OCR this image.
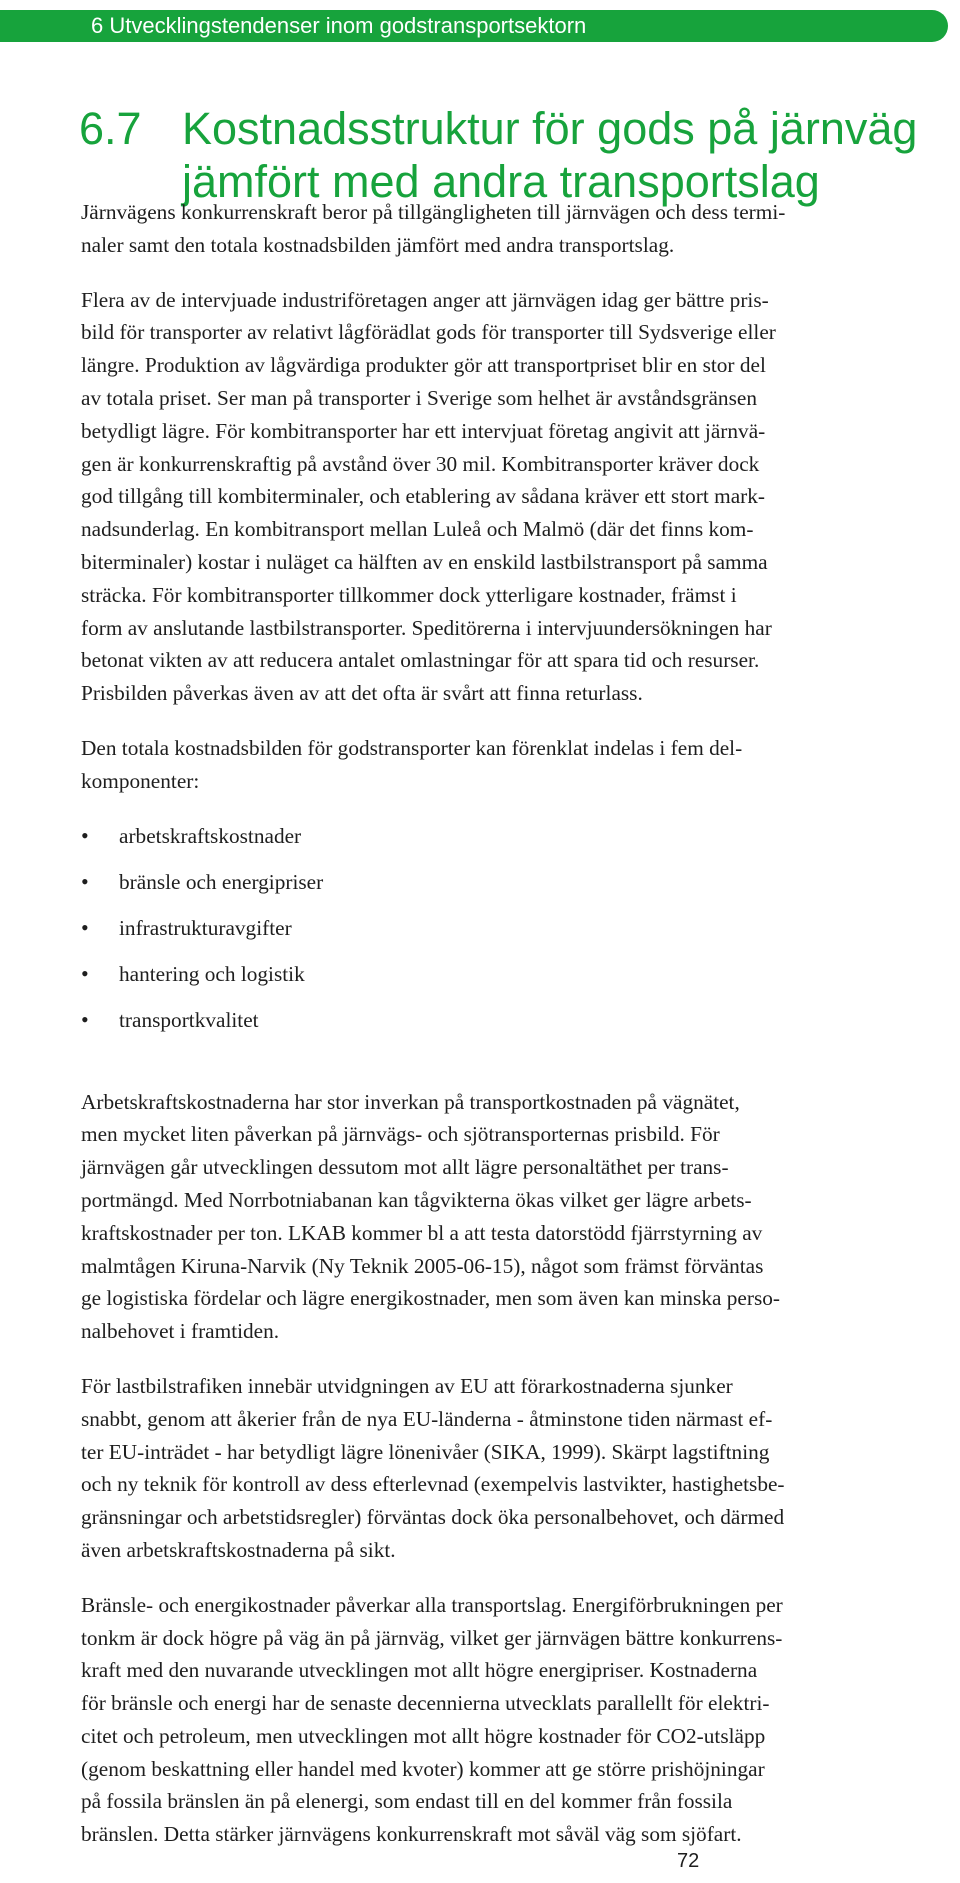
6 Utvecklingstendenser inom godstransportsektorn
6.7 Kostnadsstruktur för gods på järnväg
jämfört med andra transportslag

Järnvägens konkurrenskraft beror på tillgängligheten till järnvägen och dess termi-
naler samt den totala kostnadsbilden jämfört med andra transportslag.

Flera av de intervjuade industriföretagen anger att järnvägen idag ger bättre pris-
bild för transporter av relativt lågförädlat gods för transporter till Sydsverige eller
längre. Produktion av lågvärdiga produkter gör att transportpriset blir en stor del
av totala priset. Ser man på transporter i Sverige som helhet är avståndsgränsen
betydligt lägre. För kombitransporter har ett intervjuat företag angivit att järnvä-
gen är konkurrenskraftig på avstånd över 30 mil. Kombitransporter kräver dock
god tillgång till kombiterminaler, och etablering av sådana kräver ett stort mark-
nadsunderlag. En kombitransport mellan Luleå och Malmö (där det finns kom-
biterminaler) kostar i nuläget ca hälften av en enskild lastbilstransport på samma
sträcka. För kombitransporter tillkommer dock ytterligare kostnader, främst i
form av anslutande lastbilstransporter. Speditörerna i intervjuundersökningen har
betonat vikten av att reducera antalet omlastningar för att spara tid och resurser.
Prisbilden påverkas även av att det ofta är svårt att finna returlass.

Den totala kostnadsbilden för godstransporter kan förenklat indelas i fem del-
komponenter:

• arbetskraftskostnader
• bränsle och energipriser
• infrastrukturavgifter
• hantering och logistik
• transportkvalitet

Arbetskraftskostnaderna har stor inverkan på transportkostnaden på vägnätet,
men mycket liten påverkan på järnvägs- och sjötransporternas prisbild. För
järnvägen går utvecklingen dessutom mot allt lägre personaltäthet per trans-
portmängd. Med Norrbotniabanan kan tågvikterna ökas vilket ger lägre arbets-
kraftskostnader per ton. LKAB kommer bl a att testa datorstödd fjärrstyrning av
malmtågen Kiruna-Narvik (Ny Teknik 2005-06-15), något som främst förväntas
ge logistiska fördelar och lägre energikostnader, men som även kan minska perso-
nalbehovet i framtiden.

För lastbilstrafiken innebär utvidgningen av EU att förarkostnaderna sjunker
snabbt, genom att åkerier från de nya EU-länderna - åtminstone tiden närmast ef-
ter EU-inträdet - har betydligt lägre lönenivåer (SIKA, 1999). Skärpt lagstiftning
och ny teknik för kontroll av dess efterlevnad (exempelvis lastvikter, hastighetsbe-
gränsningar och arbetstidsregler) förväntas dock öka personalbehovet, och därmed
även arbetskraftskostnaderna på sikt.

Bränsle- och energikostnader påverkar alla transportslag. Energiförbrukningen per
tonkm är dock högre på väg än på järnväg, vilket ger järnvägen bättre konkurrens-
kraft med den nuvarande utvecklingen mot allt högre energipriser. Kostnaderna
för bränsle och energi har de senaste decennierna utvecklats parallellt för elektri-
citet och petroleum, men utvecklingen mot allt högre kostnader för CO2-utsläpp
(genom beskattning eller handel med kvoter) kommer att ge större prishöjningar
på fossila bränslen än på elenergi, som endast till en del kommer från fossila
bränslen. Detta stärker järnvägens konkurrenskraft mot såväl väg som sjöfart.

72
